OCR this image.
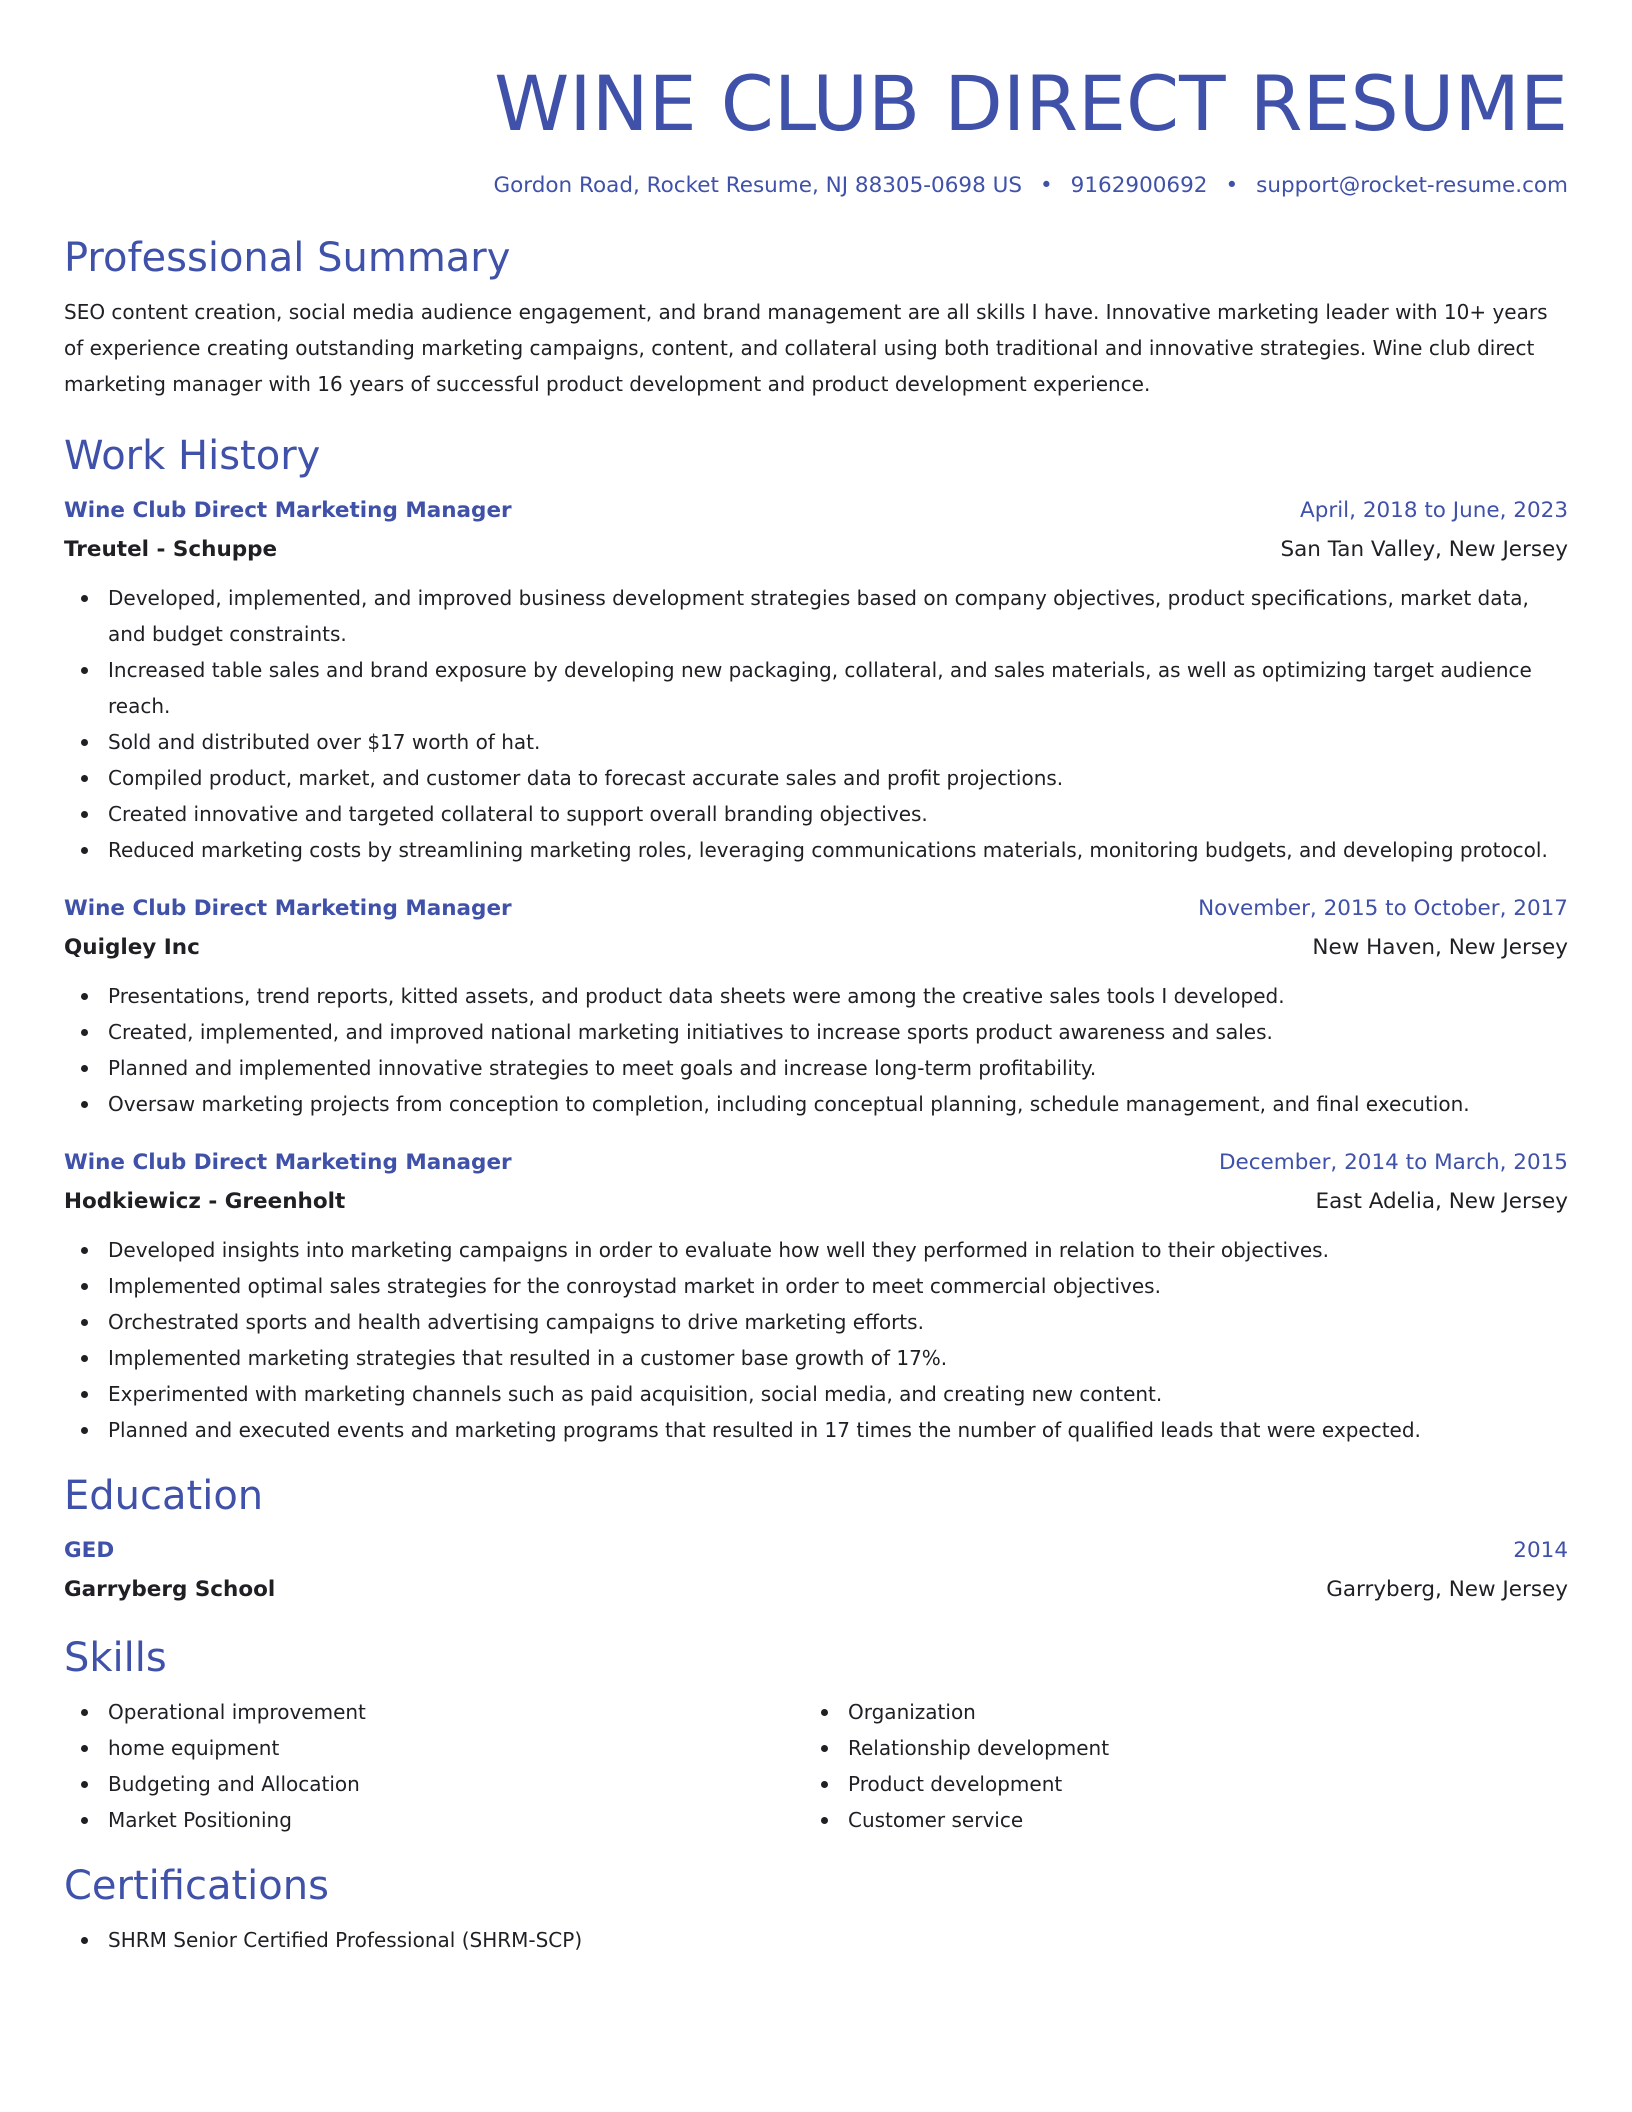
WINE CLUB DIRECT RESUME
Gordon Road, Rocket Resume, NJ 88305-0698 US • 9162900692 • support@rocket-resume.com
Professional Summary
SEO content creation, social media audience engagement, and brand management are all skills I have. Innovative marketing leader with 10+ years of experience creating outstanding marketing campaigns, content, and collateral using both traditional and innovative strategies. Wine club direct marketing manager with 16 years of successful product development and product development experience.
Work History
Wine Club Direct Marketing Manager	April, 2018 to June, 2023
Treutel - Schuppe	San Tan Valley, New Jersey
Developed, implemented, and improved business development strategies based on company objectives, product specifications, market data, and budget constraints.
Increased table sales and brand exposure by developing new packaging, collateral, and sales materials, as well as optimizing target audience reach.
Sold and distributed over $17 worth of hat.
Compiled product, market, and customer data to forecast accurate sales and profit projections.
Created innovative and targeted collateral to support overall branding objectives.
Reduced marketing costs by streamlining marketing roles, leveraging communications materials, monitoring budgets, and developing protocol.
Wine Club Direct Marketing Manager	November, 2015 to October, 2017
Quigley Inc	New Haven, New Jersey
Presentations, trend reports, kitted assets, and product data sheets were among the creative sales tools I developed.
Created, implemented, and improved national marketing initiatives to increase sports product awareness and sales.
Planned and implemented innovative strategies to meet goals and increase long-term profitability.
Oversaw marketing projects from conception to completion, including conceptual planning, schedule management, and final execution.
Wine Club Direct Marketing Manager	December, 2014 to March, 2015
Hodkiewicz - Greenholt	East Adelia, New Jersey
Developed insights into marketing campaigns in order to evaluate how well they performed in relation to their objectives.
Implemented optimal sales strategies for the conroystad market in order to meet commercial objectives.
Orchestrated sports and health advertising campaigns to drive marketing efforts.
Implemented marketing strategies that resulted in a customer base growth of 17%.
Experimented with marketing channels such as paid acquisition, social media, and creating new content.
Planned and executed events and marketing programs that resulted in 17 times the number of qualified leads that were expected.
Education
GED	2014
Garryberg School	Garryberg, New Jersey
Skills
Operational improvement
home equipment
Budgeting and Allocation
Market Positioning
Organization
Relationship development
Product development
Customer service
Certifications
SHRM Senior Certified Professional (SHRM-SCP)
